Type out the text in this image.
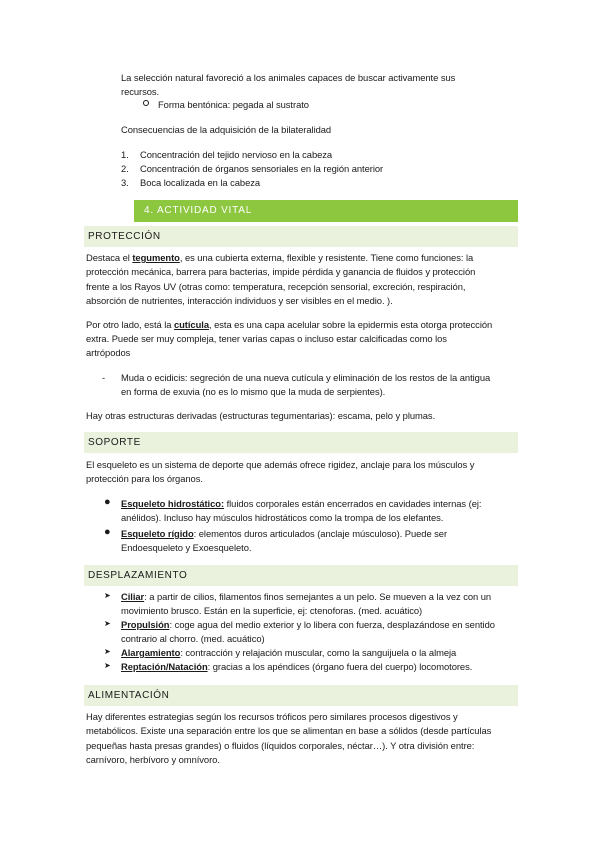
La selección natural favoreció a los animales capaces de buscar activamente sus

recursos.

Forma bentónica: pegada al sustrato

Consecuencias de la adquisición de la bilateralidad

1.	Concentración del tejido nervioso en la cabeza

2.	Concentración de órganos sensoriales en la región anterior

3.	Boca localizada en la cabeza

4. ACTIVIDAD VITAL
PROTECCIÓN

Destaca el tegumento, es una cubierta externa, flexible y resistente. Tiene como funciones: la

protección mecánica, barrera para bacterias, impide pérdida y ganancia de fluidos y protección

frente a los Rayos UV (otras como: temperatura, recepción sensorial, excreción, respiración,

absorción de nutrientes, interacción individuos y ser visibles en el medio. ).

Por otro lado, está la cutícula, esta es una capa acelular sobre la epidermis esta otorga protección

extra. Puede ser muy compleja, tener varias capas o incluso estar calcificadas como los

artrópodos

- Muda o ecidicis: segreción de una nueva cutícula y eliminación de los restos de la antigua

en forma de exuvia (no es lo mismo que la muda de serpientes).

Hay otras estructuras derivadas (estructuras tegumentarias): escama, pelo y plumas.

SOPORTE

El esqueleto es un sistema de deporte que además ofrece rigidez, anclaje para los músculos y

protección para los órganos.

● Esqueleto hidrostático: fluidos corporales están encerrados en cavidades internas (ej:

anélidos). Incluso hay músculos hidrostáticos como la trompa de los elefantes.

● Esqueleto rígido: elementos duros articulados (anclaje músculoso). Puede ser

Endoesqueleto y Exoesqueleto.

DESPLAZAMIENTO
➤ Ciliar: a partir de cilios, filamentos finos semejantes a un pelo. Se mueven a la vez con un

movimiento brusco. Están en la superficie, ej: ctenoforas. (med. acuático)

➤ Propulsión: coge agua del medio exterior y lo libera con fuerza, desplazándose en sentido

contrario al chorro. (med. acuático)

➤ Alargamiento: contracción y relajación muscular, como la sanguijuela o la almeja

➤ Reptación/Natación: gracias a los apéndices (órgano fuera del cuerpo) locomotores.

ALIMENTACIÓN

Hay diferentes estrategias según los recursos tróficos pero similares procesos digestivos y

metabólicos. Existe una separación entre los que se alimentan en base a sólidos (desde partículas

pequeñas hasta presas grandes) o fluidos (líquidos corporales, néctar…). Y otra división entre:

carnívoro, herbívoro y omnívoro.
